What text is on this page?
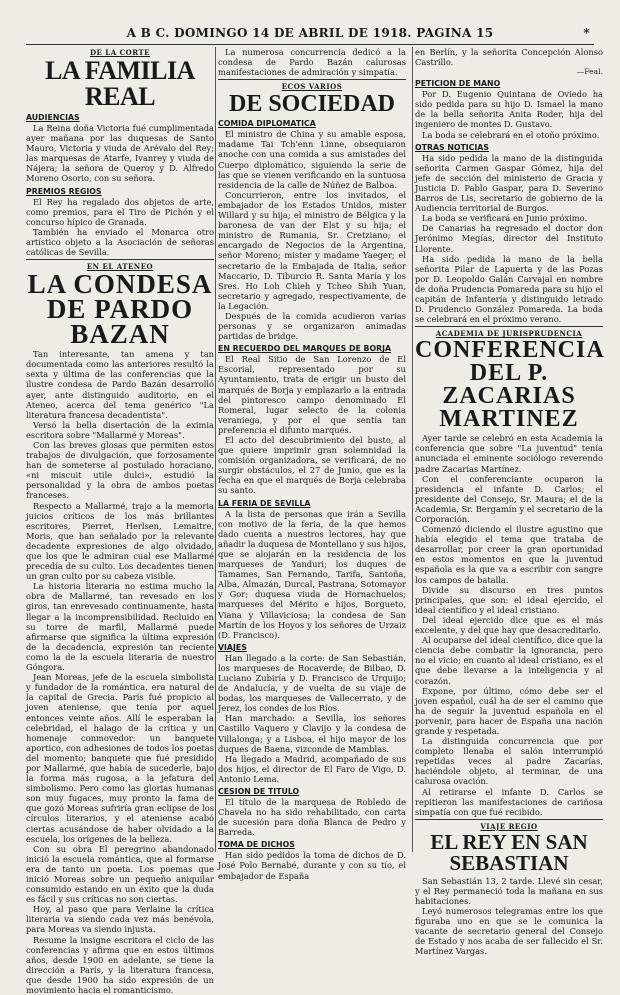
A B C. DOMINGO 14 DE ABRIL DE 1918. PAGINA 15	*
DE LA CORTE
LA FAMILIA REAL
AUDIENCIAS

La Reina doña Victoria fué cumplimentada ayer mañana por las duquesas de Santo Mauro, Victoria y viuda de Arévalo del Rey; las marquesas de Atarfe, Ivanrey y viuda de Nájera; la señora de Queroy y D. Alfredo Moreno Osorio, con su señora.

PREMIOS REGIOS

El Rey ha regalado dos objetos de arte, como premios, para el Tiro de Pichón y el concurso hípico de Granada.

También ha enviado el Monarca otro artístico objeto a la Asociación de señoras católicas de Sevilla.

EN EL ATENEO
LA CONDESA DE PARDO BAZAN

Tan interesante, tan amena y tan documentada como las anteriores resultó la sexta y última de las conferencias que la ilustre condesa de Pardo Bazán desarrolló ayer, ante distinguido auditorio, en el Ateneo, acerca del tema genérico "La literatura francesa decadentista".

Versó la bella disertación de la eximia escritora sobre "Mallarmé y Moreas".

Con las breves glosas que permiten estos trabajos de divulgación, que forzosamente han de someterse al postulado horaciano, «ni miscuit utile dulci», estudió la personalidad y la obra de ambos poetas franceses.

Respecto a Mallarmé, trajo a la memoria juicios críticos de los más brillantes escritores, Pierret, Herlsen, Lemaitre, Moris, que han señalado por la relevante decadente expresiones de algo olvidado, que los que le admiran cual ese Mallarmé precedía de su culto. Los decadentes tienen un gran culto por su cabeza visible.

La historia literaria no estima mucho la obra de Mallarmé, tan revesado en los giros, tan enrevesado continuamente, hasta llegar a la incomprensibilidad. Recluido en su torre de marfil, Mallarmé puede afirmarse que significa la última expresión de la decadencia, expresión tan reciente como la de la escuela literaria de nuestro Góngora.

Jean Moreas, jefe de la escuela simbolista y fundador de la romántica, era natural de la capital de Grecia. París fué propicio al joven ateniense, que tenía por aquel entonces veinte años. Allí le esperaban la celebridad, el halago de la crítica y un homenaje conmovedor: un banquete aportico, con adhesiones de todos los poetas del momento; banquete que fué presidido por Mallarmé, que había de sucederle, bajo la forma más rugosa, a la jefatura del simbolismo. Pero como las glorias humanas son muy fugaces, muy pronto la fama de que gozó Moreas sufriría gran eclipse de los círculos literarios, y el ateniense acabó ciertas acusándose de haber olvidado a la escuela, los orígenes de la belleza.

Con su obra El peregrino abandonado inició la escuela romántica, que al formarse era de tanto un poeta. Los poemas que inició Moreas sobre un pequeño aniquilar consumido estando en un éxito que la duda es fácil y sus críticas no son ciertas.

Hoy, al paso que para Verlaine la crítica literaria va siendo cada vez más benévola, para Moreas va siendo injusta.

Resume la insigne escritora el ciclo de las conferencias y afirma que en estos últimos años, desde 1900 en adelante, se tiene la dirección a París, y la literatura francesa, que desde 1900 ha sido expresión de un movimiento hacia el romanticismo.

La numerosa concurrencia dedicó a la condesa de Pardo Bazán calurosas manifestaciones de admiración y simpatía.

ECOS VARIOS
DE SOCIEDAD
COMIDA DIPLOMATICA

El ministro de China y su amable esposa, madame Tai Tch'enn Linne, obsequiaron anoche con una comida a sus amistades del Cuerpo diplomático, siguiendo la serie de las que se vienen verificando en la suntuosa residencia de la calle de Núñez de Balboa.

Concurrieron, entre los invitados, el embajador de los Estados Unidos, mister Willard y su hija; el ministro de Bélgica y la baronesa de van der Elst y su hija; el ministro de Rumania, Sr. Cretziano; el encargado de Negocios de la Argentina, señor Moreno; mister y madame Yaeger; el secretario de la Embajada de Italia, señor Maccario, D. Tiburcio R. Santa María y los Sres. Ho Loh Chieh y Tcheo Shih Yuan, secretario y agregado, respectivamente, de la Legación.

Después de la comida acudieron varias personas y se organizaron animadas partidas de bridge.

EN RECUERDO DEL MARQUES DE BORJA

El Real Sitio de San Lorenzo de El Escorial, representado por su Ayuntamiento, trata de erigir un busto del marqués de Borja y emplazarlo a la entrada del pintoresco campo denominado El Romeral, lugar selecto de la colonia veraniega, y por el que sentía tan preferencia el difunto marqués.

El acto del descubrimiento del busto, al que quiere imprimir gran solemnidad la comisión organizadora, se verificará, de no surgir obstáculos, el 27 de Junio, que es la fecha en que el marqués de Borja celebraba su santo.

LA FERIA DE SEVILLA

A la lista de personas que irán a Sevilla con motivo de la feria, de la que hemos dado cuenta a nuestros lectores, hay que añadir la duquesa de Montellano y sus hijos, que se alojarán en la residencia de los marqueses de Yanduri; los duques de Tamames, San Fernando, Tarifa, Santoña, Alba, Almazán, Durcal, Pastrana, Sotomayor y Gor; duquesa viuda de Hornachuelos; marqueses del Mérito e hijos, Borgueto, Viana y Villaviciosa; la condesa de San Martín de los Hoyos y los señores de Urzaiz (D. Francisco).

VIAJES

Han llegado a la corte: de San Sebastián, los marqueses de Rocaverde; de Bilbao, D. Luciano Zubiría y D. Francisco de Urquijo; de Andalucía, y de vuelta de su viaje de bodas, los marqueses de Vallecerrato, y de Jerez, los condes de los Ríos.

Han marchado: a Sevilla, los señores Castillo Vaquero y Clavijo y la condesa de Villalonga; y a Lisboa, el hijo mayor de los duques de Baena, vizconde de Mamblas.

Ha llegado a Madrid, acompañado de sus dos hijos, el director de El Faro de Vigo, D. Antonio Lema.

CESION DE TITULO

El título de la marquesa de Robledo de Chavela no ha sido rehabilitado, con carta de sucesión para doña Blanca de Pedro y Barreda.

TOMA DE DICHOS

Han sido pedidos la toma de dichos de D. José Polo Bernabé, durante y con su tío, el embajador de España

en Berlín, y la señorita Concepción Alonso Castrillo.

—Feal.
PETICION DE MANO

Por D. Eugenio Quintana de Oviedo ha sido pedida para su hijo D. Ismael la mano de la bella señorita Anita Roder, hija del ingeniero de montes D. Gustavo.

La boda se celebrará en el otoño próximo.

OTRAS NOTICIAS

Ha sido pedida la mano de la distinguida señorita Carmen Gaspar Gómez, hija del jefe de sección del ministerio de Gracia y Justicia D. Pablo Gaspar, para D. Severino Barros de Lis, secretario de gobierno de la Audiencia territorial de Burgos.

La boda se verificará en Junio próximo.

De Canarias ha regresado el doctor don Jerónimo Megías, director del Instituto Llorente.

Ha sido pedida la mano de la bella señorita Pilar de Lapuerta y de las Pozas por D. Leopoldo Galán Carvajal en nombre de doña Prudencia Pomareda para su hijo el capitán de Infantería y distinguido letrado D. Prudencio González Pomareda. La boda se celebrará en el próximo verano.

ACADEMIA DE JURISPRUDENCIA
CONFERENCIA DEL P. ZACARIAS MARTINEZ

Ayer tarde se celebró en esta Academia la conferencia que sobre "La juventud" tenía anunciada el eminente sociólogo reverendo padre Zacarías Martínez.

Con el conferenciante ocuparon la presidencia el infante D. Carlos; el presidente del Consejo, Sr. Maura; el de la Academia, Sr. Bergamín y el secretario de la Corporación.

Comenzó diciendo el ilustre agustino que había elegido el tema que trataba de desarrollar, por creer la gran oportunidad en estos momentos en que la juventud española es la que va a escribir con sangre los campos de batalla.

Divide su discurso en tres puntos principales, que son: el ideal ejercido, el ideal científico y el ideal cristiano.

Del ideal ejercido dice que es el más excelente, y del que hay que desacreditarlo.

Al ocuparse del ideal científico, dice que la ciencia debe combatir la ignorancia, pero no el vicio; en cuanto al ideal cristiano, es el que debe llevarse a la inteligencia y al corazón.

Expone, por último, cómo debe ser el joven español, cuál ha de ser el camino que ha de seguir la juventud española en el porvenir, para hacer de España una nación grande y respetada.

La distinguida concurrencia que por completo llenaba el salón interrumpió repetidas veces al padre Zacarías, haciéndole objeto, al terminar, de una calurosa ovación.

Al retirarse el infante D. Carlos se repitieron las manifestaciones de cariñosa simpatía con que fué recibido.

VIAJE REGIO
EL REY EN SAN SEBASTIAN

San Sebastián 13, 2 tarde. Llevé sin cesar, y el Rey permaneció toda la mañana en sus habitaciones.

Leyó numerosos telegramas entre los que figuraba uno en que se le comunica la vacante de secretario general del Consejo de Estado y nos acaba de ser fallecido el Sr. Martínez Vargas.
